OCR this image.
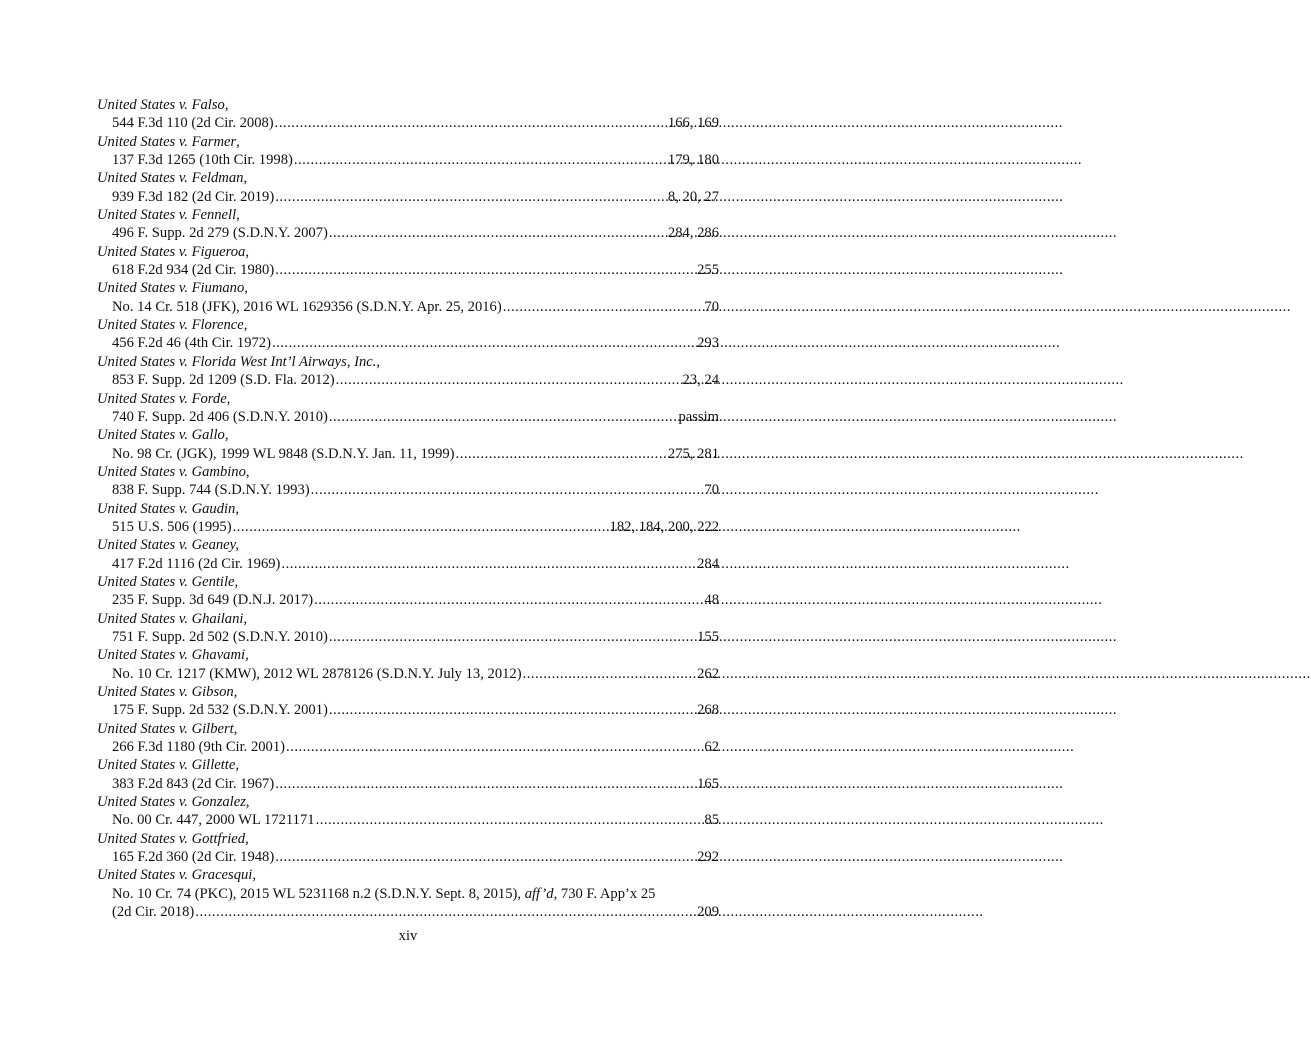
United States v. Falso,
544 F.3d 110 (2d Cir. 2008) .....	166, 169
United States v. Farmer,
137 F.3d 1265 (10th Cir. 1998) .....	179, 180
United States v. Feldman,
939 F.3d 182 (2d Cir. 2019) .....	8, 20, 27
United States v. Fennell,
496 F. Supp. 2d 279 (S.D.N.Y. 2007) .....	284, 286
United States v. Figueroa,
618 F.2d 934 (2d Cir. 1980) .....	255
United States v. Fiumano,
No. 14 Cr. 518 (JFK), 2016 WL 1629356 (S.D.N.Y. Apr. 25, 2016) .....	70
United States v. Florence,
456 F.2d 46 (4th Cir. 1972) .....	293
United States v. Florida West Int’l Airways, Inc.,
853 F. Supp. 2d 1209 (S.D. Fla. 2012) .....	23, 24
United States v. Forde,
740 F. Supp. 2d 406 (S.D.N.Y. 2010) .....	passim
United States v. Gallo,
No. 98 Cr. (JGK), 1999 WL 9848 (S.D.N.Y. Jan. 11, 1999) .....	275, 281
United States v. Gambino,
838 F. Supp. 744 (S.D.N.Y. 1993) .....	70
United States v. Gaudin,
515 U.S. 506 (1995) .....	182, 184, 200, 222
United States v. Geaney,
417 F.2d 1116 (2d Cir. 1969) .....	284
United States v. Gentile,
235 F. Supp. 3d 649 (D.N.J. 2017) .....	48
United States v. Ghailani,
751 F. Supp. 2d 502 (S.D.N.Y. 2010) .....	155
United States v. Ghavami,
No. 10 Cr. 1217 (KMW), 2012 WL 2878126 (S.D.N.Y. July 13, 2012) .....	262
United States v. Gibson,
175 F. Supp. 2d 532 (S.D.N.Y. 2001) .....	268
United States v. Gilbert,
266 F.3d 1180 (9th Cir. 2001) .....	62
United States v. Gillette,
383 F.2d 843 (2d Cir. 1967) .....	165
United States v. Gonzalez,
No. 00 Cr. 447, 2000 WL 1721171 .....	85
United States v. Gottfried,
165 F.2d 360 (2d Cir. 1948) .....	292
United States v. Gracesqui,
No. 10 Cr. 74 (PKC), 2015 WL 5231168 n.2 (S.D.N.Y. Sept. 8, 2015), aff’d, 730 F. App’x 25
(2d Cir. 2018) .....	209
xiv
